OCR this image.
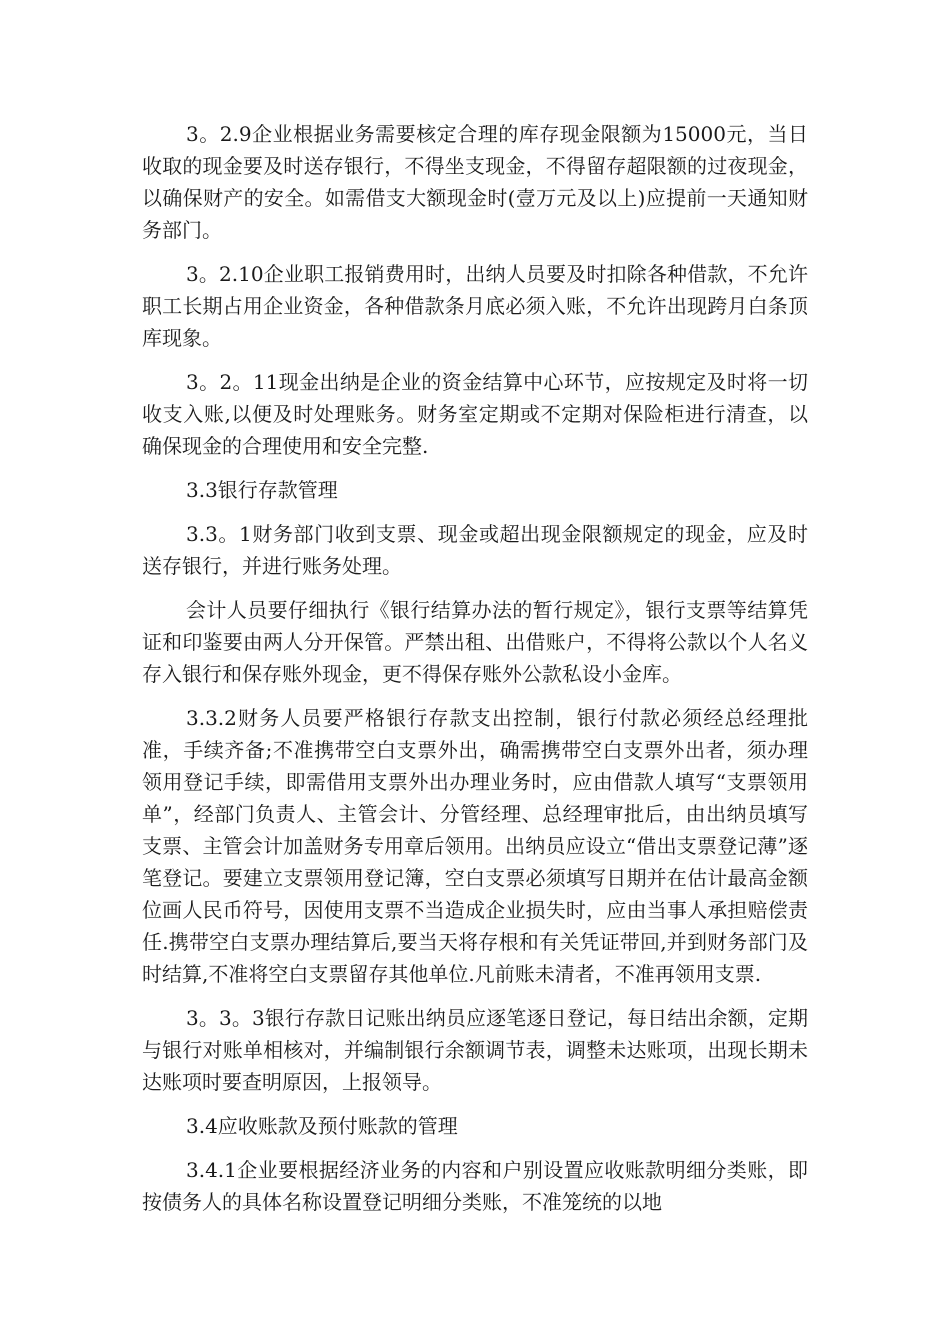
3。2.9企业根据业务需要核定合理的库存现金限额为15000元，当日收取的现金要及时送存银行，不得坐支现金，不得留存超限额的过夜现金，以确保财产的安全。如需借支大额现金时(壹万元及以上)应提前一天通知财务部门。

3。2.10企业职工报销费用时，出纳人员要及时扣除各种借款，不允许职工长期占用企业资金，各种借款条月底必须入账，不允许出现跨月白条顶库现象。

3。2。11现金出纳是企业的资金结算中心环节，应按规定及时将一切收支入账,以便及时处理账务。财务室定期或不定期对保险柜进行清查，以确保现金的合理使用和安全完整.

3.3银行存款管理

3.3。1财务部门收到支票、现金或超出现金限额规定的现金，应及时送存银行，并进行账务处理。

会计人员要仔细执行《银行结算办法的暂行规定》，银行支票等结算凭证和印鉴要由两人分开保管。严禁出租、出借账户，不得将公款以个人名义存入银行和保存账外现金，更不得保存账外公款私设小金库。

3.3.2财务人员要严格银行存款支出控制，银行付款必须经总经理批准，手续齐备;不准携带空白支票外出，确需携带空白支票外出者，须办理领用登记手续，即需借用支票外出办理业务时，应由借款人填写“支票领用单”，经部门负责人、主管会计、分管经理、总经理审批后，由出纳员填写支票、主管会计加盖财务专用章后领用。出纳员应设立“借出支票登记薄”逐笔登记。要建立支票领用登记簿，空白支票必须填写日期并在估计最高金额位画人民币符号，因使用支票不当造成企业损失时，应由当事人承担赔偿责任.携带空白支票办理结算后,要当天将存根和有关凭证带回,并到财务部门及时结算,不准将空白支票留存其他单位.凡前账未清者，不准再领用支票.

3。3。3银行存款日记账出纳员应逐笔逐日登记，每日结出余额，定期与银行对账单相核对，并编制银行余额调节表，调整未达账项，出现长期未达账项时要查明原因，上报领导。

3.4应收账款及预付账款的管理

3.4.1企业要根据经济业务的内容和户别设置应收账款明细分类账，即按债务人的具体名称设置登记明细分类账，不准笼统的以地
